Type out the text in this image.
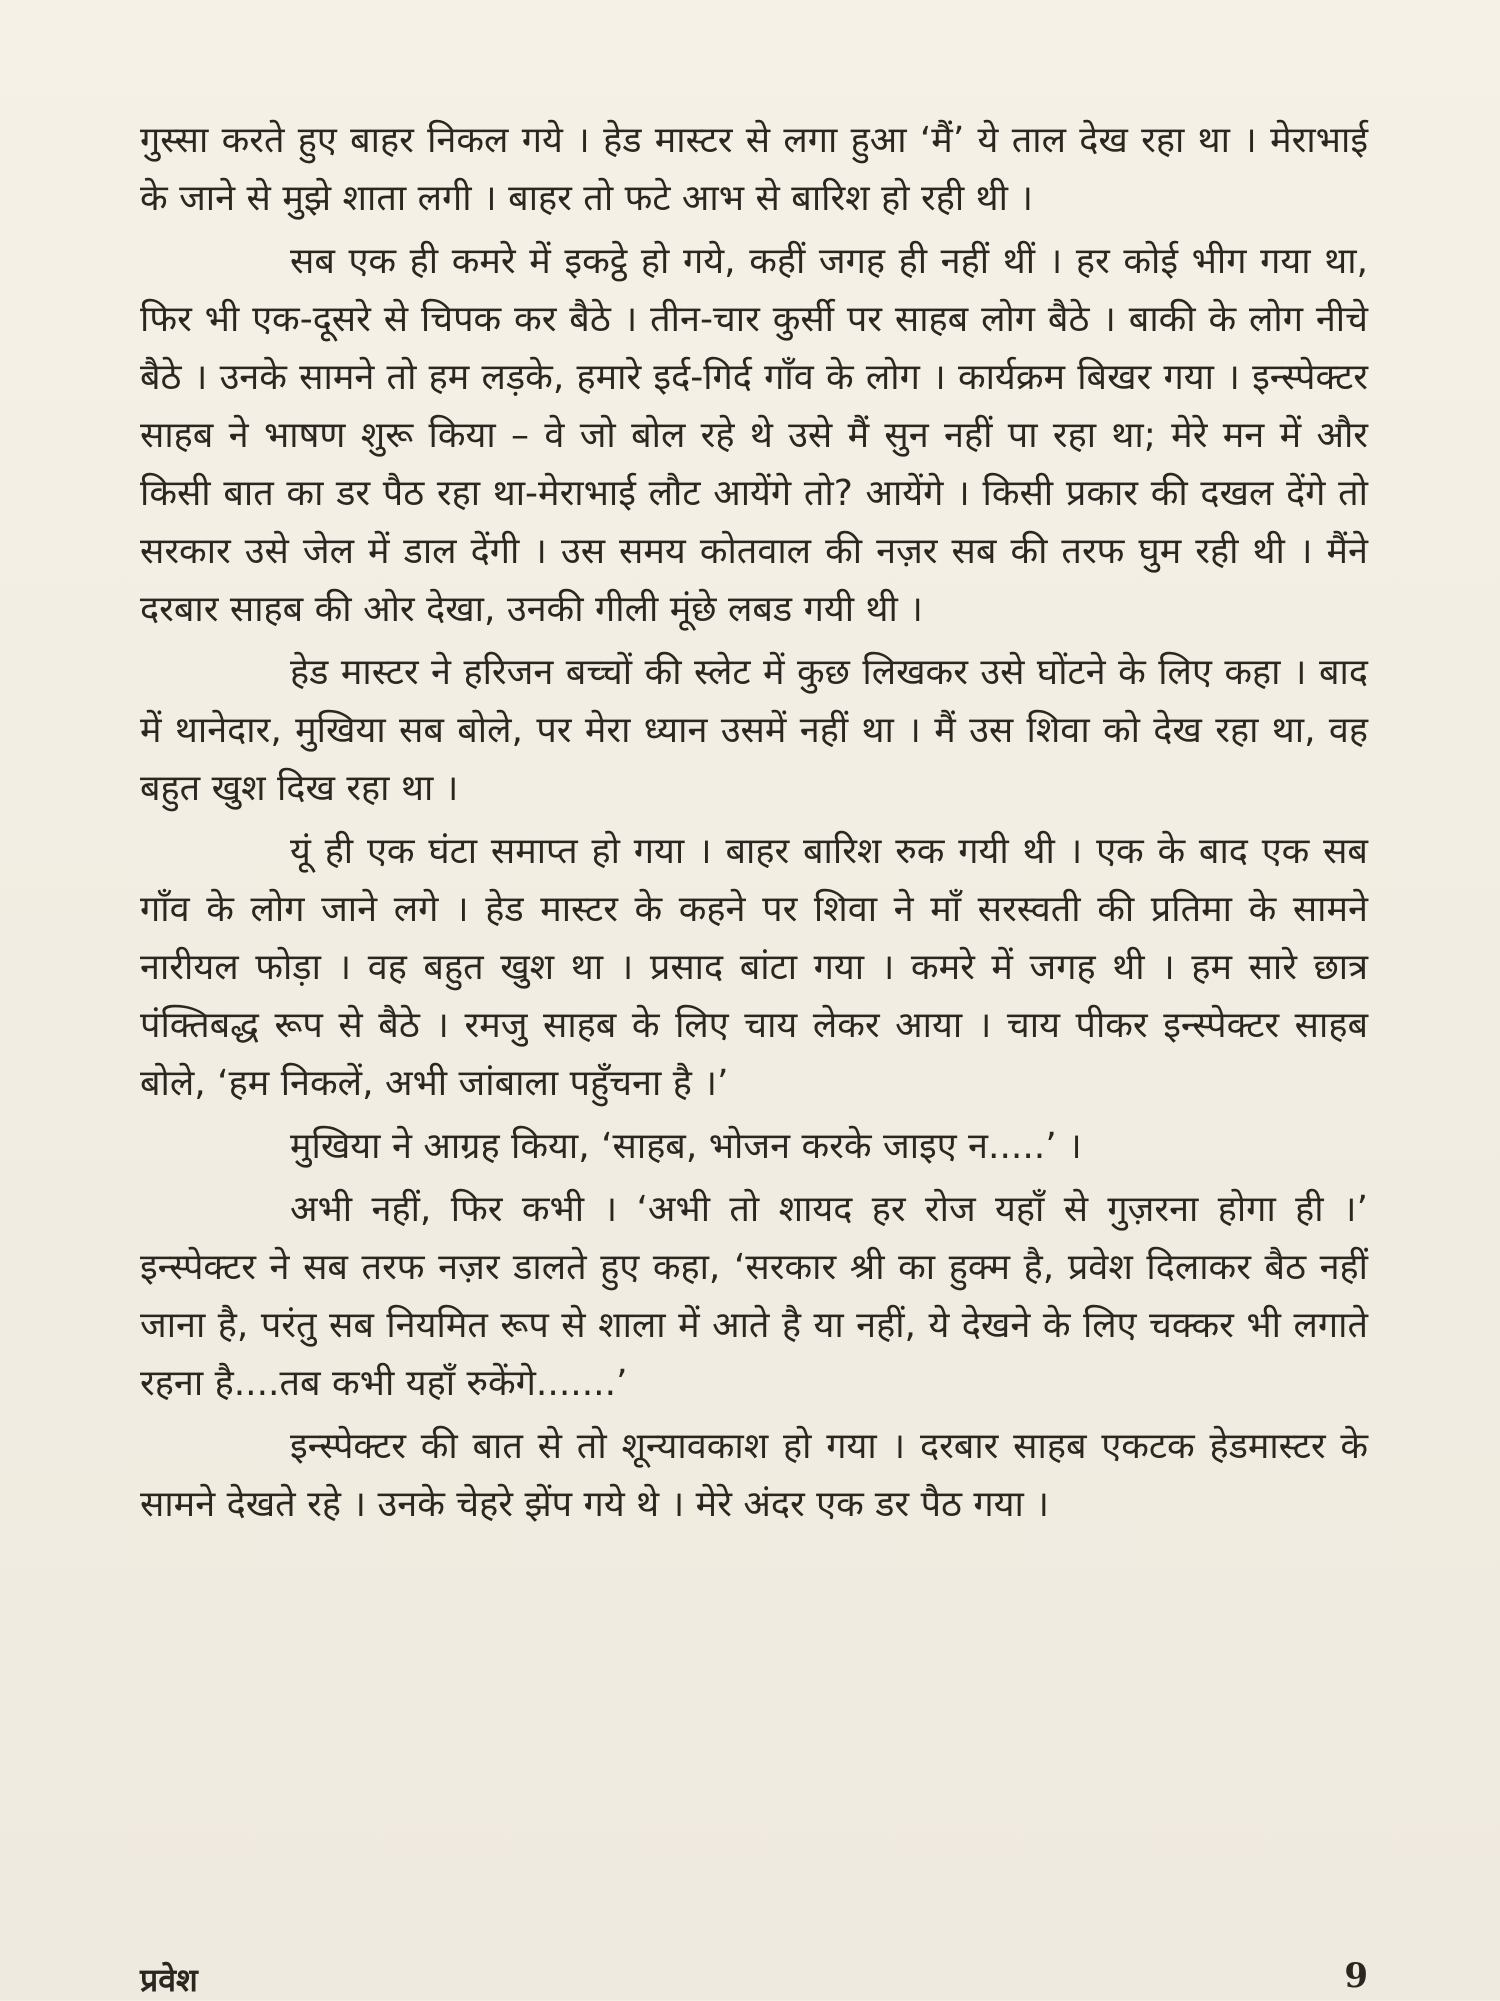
गुस्सा करते हुए बाहर निकल गये । हेड मास्टर से लगा हुआ ‘मैं’ ये ताल देख रहा था । मेराभाई के जाने से मुझे शाता लगी । बाहर तो फटे आभ से बारिश हो रही थी ।

सब एक ही कमरे में इकट्ठे हो गये, कहीं जगह ही नहीं थीं । हर कोई भीग गया था, फिर भी एक-दूसरे से चिपक कर बैठे । तीन-चार कुर्सी पर साहब लोग बैठे । बाकी के लोग नीचे बैठे । उनके सामने तो हम लड़के, हमारे इर्द-गिर्द गाँव के लोग । कार्यक्रम बिखर गया । इन्स्पेक्टर साहब ने भाषण शुरू किया – वे जो बोल रहे थे उसे मैं सुन नहीं पा रहा था; मेरे मन में और किसी बात का डर पैठ रहा था-मेराभाई लौट आयेंगे तो? आयेंगे । किसी प्रकार की दखल देंगे तो सरकार उसे जेल में डाल देंगी । उस समय कोतवाल की नज़र सब की तरफ घुम रही थी । मैंने दरबार साहब की ओर देखा, उनकी गीली मूंछे लबड गयी थी ।

हेड मास्टर ने हरिजन बच्चों की स्लेट में कुछ लिखकर उसे घोंटने के लिए कहा । बाद में थानेदार, मुखिया सब बोले, पर मेरा ध्यान उसमें नहीं था । मैं उस शिवा को देख रहा था, वह बहुत खुश दिख रहा था ।

यूं ही एक घंटा समाप्त हो गया । बाहर बारिश रुक गयी थी । एक के बाद एक सब गाँव के लोग जाने लगे । हेड मास्टर के कहने पर शिवा ने माँ सरस्वती की प्रतिमा के सामने नारीयल फोड़ा । वह बहुत खुश था । प्रसाद बांटा गया । कमरे में जगह थी । हम सारे छात्र पंक्तिबद्ध रूप से बैठे । रमजु साहब के लिए चाय लेकर आया । चाय पीकर इन्स्पेक्टर साहब बोले, ‘हम निकलें, अभी जांबाला पहुँचना है ।’

मुखिया ने आग्रह किया, ‘साहब, भोजन करके जाइए न.....’ ।

अभी नहीं, फिर कभी । ‘अभी तो शायद हर रोज यहाँ से गुज़रना होगा ही ।’ इन्स्पेक्टर ने सब तरफ नज़र डालते हुए कहा, ‘सरकार श्री का हुक्म है, प्रवेश दिलाकर बैठ नहीं जाना है, परंतु सब नियमित रूप से शाला में आते है या नहीं, ये देखने के लिए चक्कर भी लगाते रहना है....तब कभी यहाँ रुकेंगे.......’

इन्स्पेक्टर की बात से तो शून्यावकाश हो गया । दरबार साहब एकटक हेडमास्टर के सामने देखते रहे । उनके चेहरे झेंप गये थे । मेरे अंदर एक डर पैठ गया ।

प्रवेश	9
